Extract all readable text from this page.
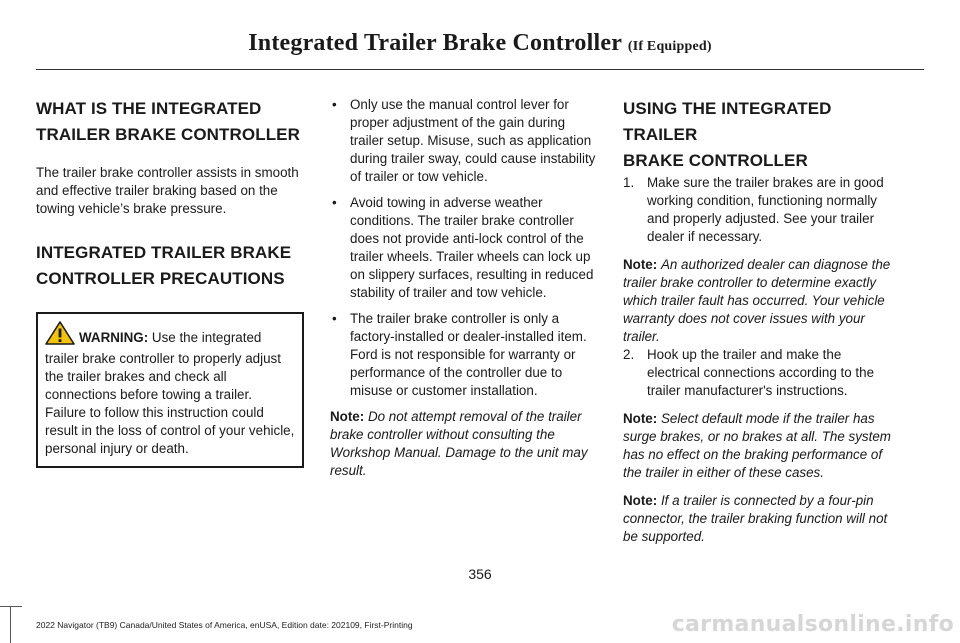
Integrated Trailer Brake Controller (If Equipped)
WHAT IS THE INTEGRATED
TRAILER BRAKE CONTROLLER

The trailer brake controller assists in smooth and effective trailer braking based on the towing vehicle’s brake pressure.

INTEGRATED TRAILER BRAKE
CONTROLLER PRECAUTIONS
WARNING: Use the integrated trailer brake controller to properly adjust the trailer brakes and check all connections before towing a trailer. Failure to follow this instruction could result in the loss of control of your vehicle, personal injury or death.
• Only use the manual control lever for proper adjustment of the gain during trailer setup. Misuse, such as application during trailer sway, could cause instability of trailer or tow vehicle.
• Avoid towing in adverse weather conditions. The trailer brake controller does not provide anti-lock control of the trailer wheels. Trailer wheels can lock up on slippery surfaces, resulting in reduced stability of trailer and tow vehicle.
• The trailer brake controller is only a factory-installed or dealer-installed item. Ford is not responsible for warranty or performance of the controller due to misuse or customer installation.
Note: Do not attempt removal of the trailer brake controller without consulting the Workshop Manual. Damage to the unit may result.
USING THE INTEGRATED TRAILER
BRAKE CONTROLLER
1. Make sure the trailer brakes are in good working condition, functioning normally and properly adjusted. See your trailer dealer if necessary.
Note: An authorized dealer can diagnose the trailer brake controller to determine exactly which trailer fault has occurred. Your vehicle warranty does not cover issues with your trailer.
2. Hook up the trailer and make the electrical connections according to the trailer manufacturer's instructions.
Note: Select default mode if the trailer has surge brakes, or no brakes at all. The system has no effect on the braking performance of the trailer in either of these cases.
Note: If a trailer is connected by a four-pin connector, the trailer braking function will not be supported.
356
2022 Navigator (TB9) Canada/United States of America, enUSA, Edition date: 202109, First-Printing	carmanualsonline.info
